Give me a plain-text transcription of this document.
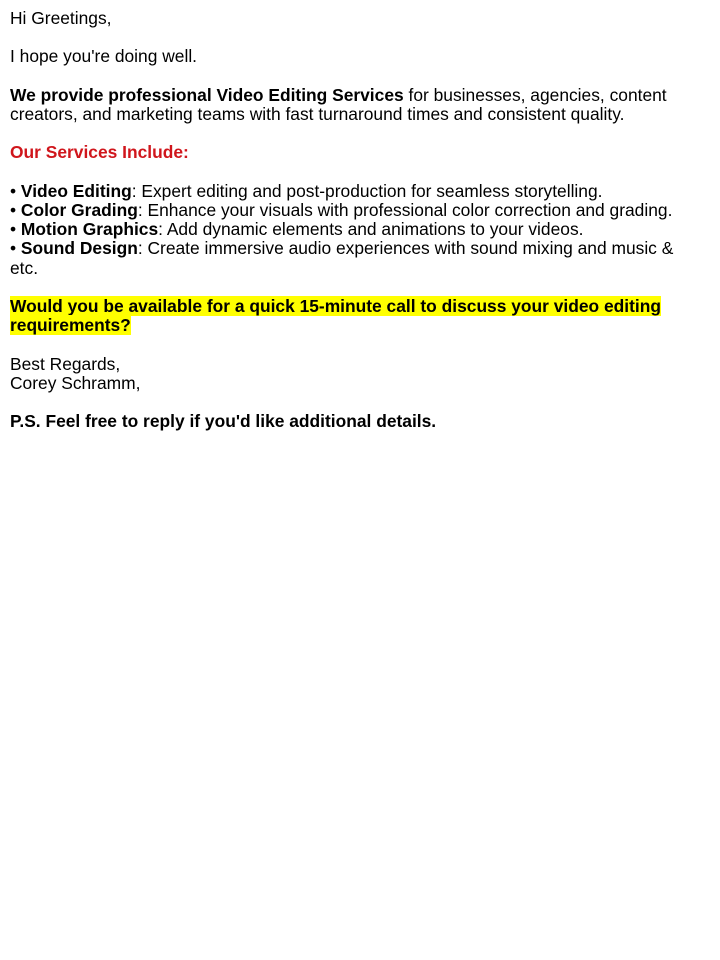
Hi Greetings,

I hope you're doing well.

We provide professional Video Editing Services for businesses, agencies, content creators, and marketing teams with fast turnaround times and consistent quality.

Our Services Include:

• Video Editing: Expert editing and post-production for seamless storytelling.
• Color Grading: Enhance your visuals with professional color correction and grading.
• Motion Graphics: Add dynamic elements and animations to your videos.
• Sound Design: Create immersive audio experiences with sound mixing and music & etc.

Would you be available for a quick 15-minute call to discuss your video editing requirements?

Best Regards,
Corey Schramm,

P.S. Feel free to reply if you'd like additional details.
